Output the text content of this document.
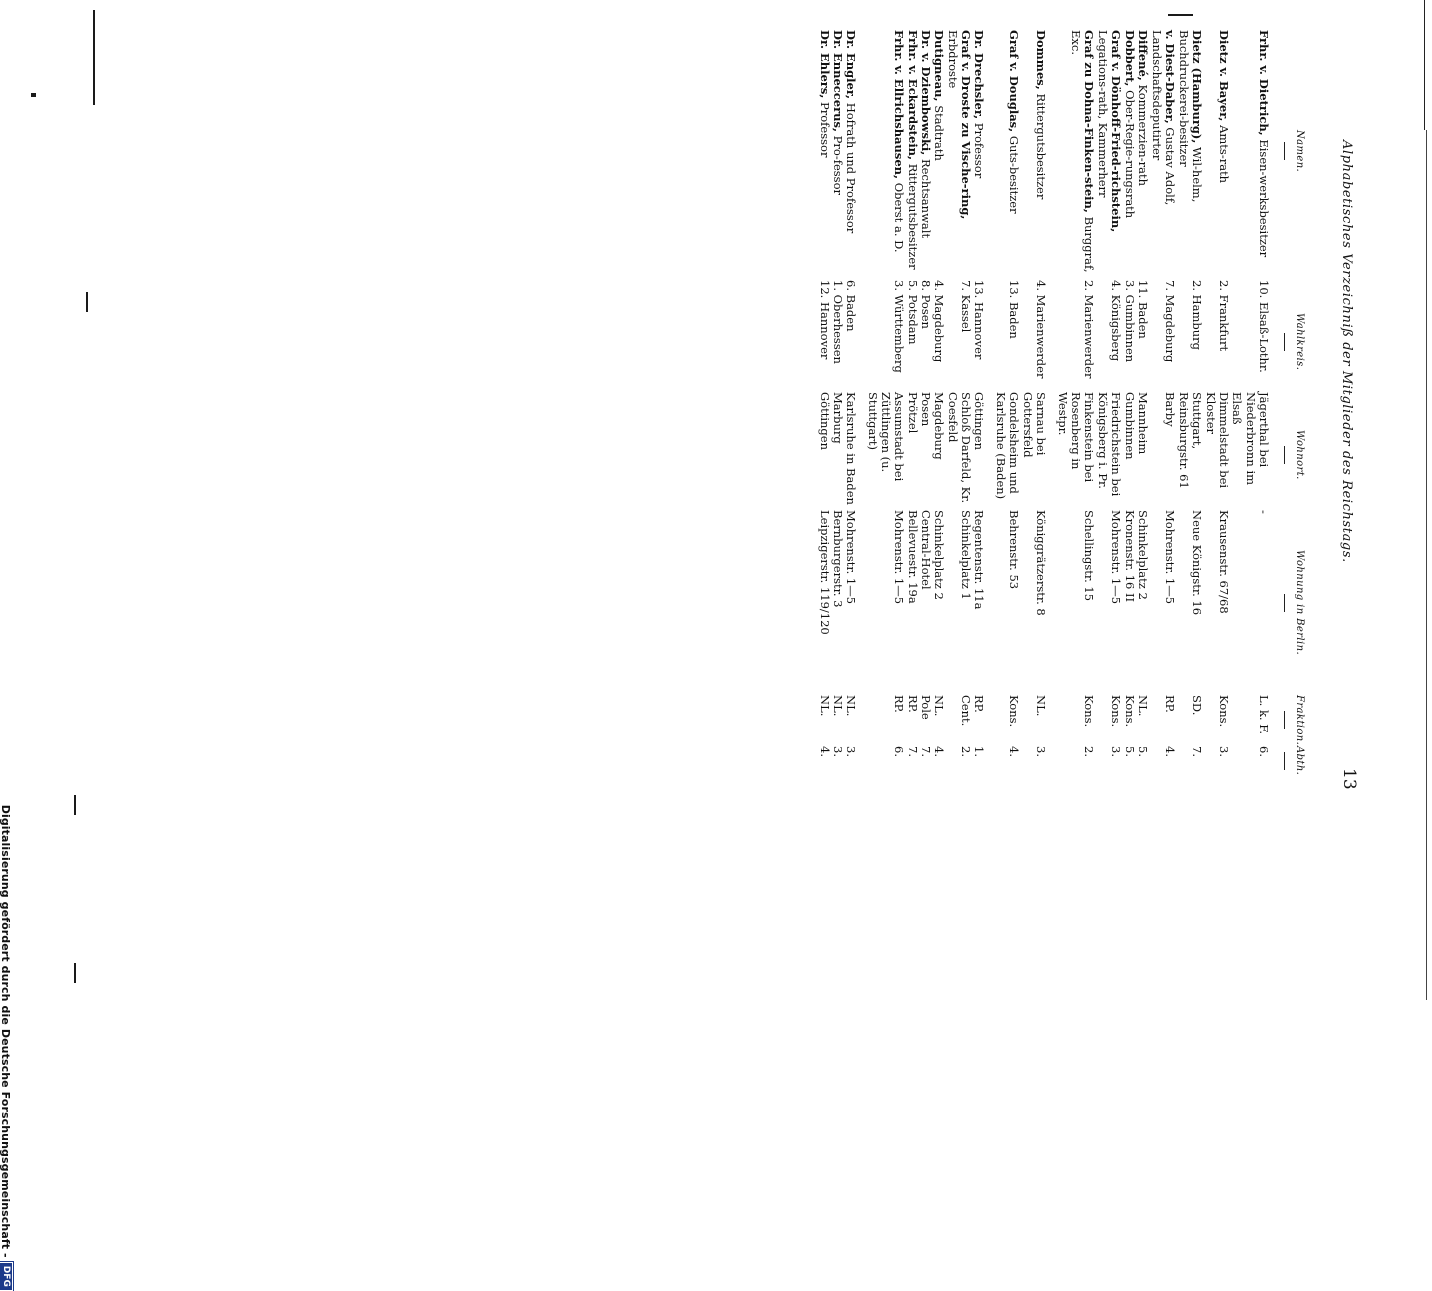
Digitalisierung gefördert durch die Deutsche Forschungsgemeinschaft -
DFG
13
Alphabetisches Verzeichniß der Mitglieder des Reichstags.
Namen.
Wahlkreis.
Wohnort.
Wohnung in Berlin.
Fraktion.
Abth.
Frhr. v. Dietrich, Eisen-werksbesitzer
10. Elsaß-Lothr.
Jägerthal bei Niederbronn im Elsaß
-
L. k. F.
6.
Dietz v. Bayer, Amts-rath
2. Frankfurt
Dimmelstadt bei Kloster
Krausenstr. 67/68
Kons.
3.
Dietz (Hamburg), Wil-helm, Buchdruckerei-besitzer
2. Hamburg
Stuttgart, Reinsburgstr. 61
Neue Königstr. 16
SD.
7.
v. Diest-Daber, Gustav Adolf, Landschaftsdeputirter
7. Magdeburg
Barby
Mohrenstr. 1—5
RP.
4.
Diffené, Kommerzien-rath
11. Baden
Mannheim
Schinkelplatz 2
NL.
5.
Dobbert, Ober-Regie-rungsrath
3. Gumbinnen
Gumbinnen
Kronenstr. 16 II
Kons.
5.
Graf v. Dönhoff-Fried-richstein, Legations-rath, Kammerherr
4. Königsberg
Friedrichstein bei Königsberg i. Pr.
Mohrenstr. 1—5
Kons.
3.
Graf zu Dohna-Finken-stein, Burggraf, Exc.
2. Marienwerder
Finkenstein bei Rosenberg in Westpr.
Schellingstr. 15
Kons.
2.
Dommes, Rittergutsbesitzer
4. Marienwerder
Sarnau bei Gottersfeld
Königgrätzerstr. 8
NL.
3.
Graf v. Douglas, Guts-besitzer
13. Baden
Gondelsheim und Karlsruhe (Baden)
Behrenstr. 53
Kons.
4.
Dr. Drechsler, Professor
13. Hannover
Göttingen
Regentenstr. 11a
RP.
1.
Graf v. Droste zu Vische-ring, Erbdroste
7. Kassel
Schloß Darfeld, Kr. Coesfeld
Schinkelplatz 1
Cent.
2.
Dutigneau, Stadtrath
4. Magdeburg
Magdeburg
Schinkelplatz 2
NL.
4.
Dr. v. Dziembowski, Rechtsanwalt
8. Posen
Posen
Central-Hotel
Pole
7.
Frhr. v. Eckardstein, Rittergutsbesitzer
5. Potsdam
Prötzel
Bellevuestr. 19a
RP.
7.
Frhr. v. Ellrichshausen, Oberst a. D.
3. Württemberg
Assumstadt bei Züttlingen (u. Stuttgart)
Mohrenstr. 1—5
RP.
6.
Dr. Engler, Hofrath und Professor
6. Baden
Karlsruhe in Baden
Mohrenstr. 1—5
NL.
3.
Dr. Enneccerus, Pro-fessor
1. Oberhessen
Marburg
Bernburgerstr. 3
NL.
3.
Dr. Ehlers, Professor
12. Hannover
Göttingen
Leipzigerstr. 119/120
NL.
4.
